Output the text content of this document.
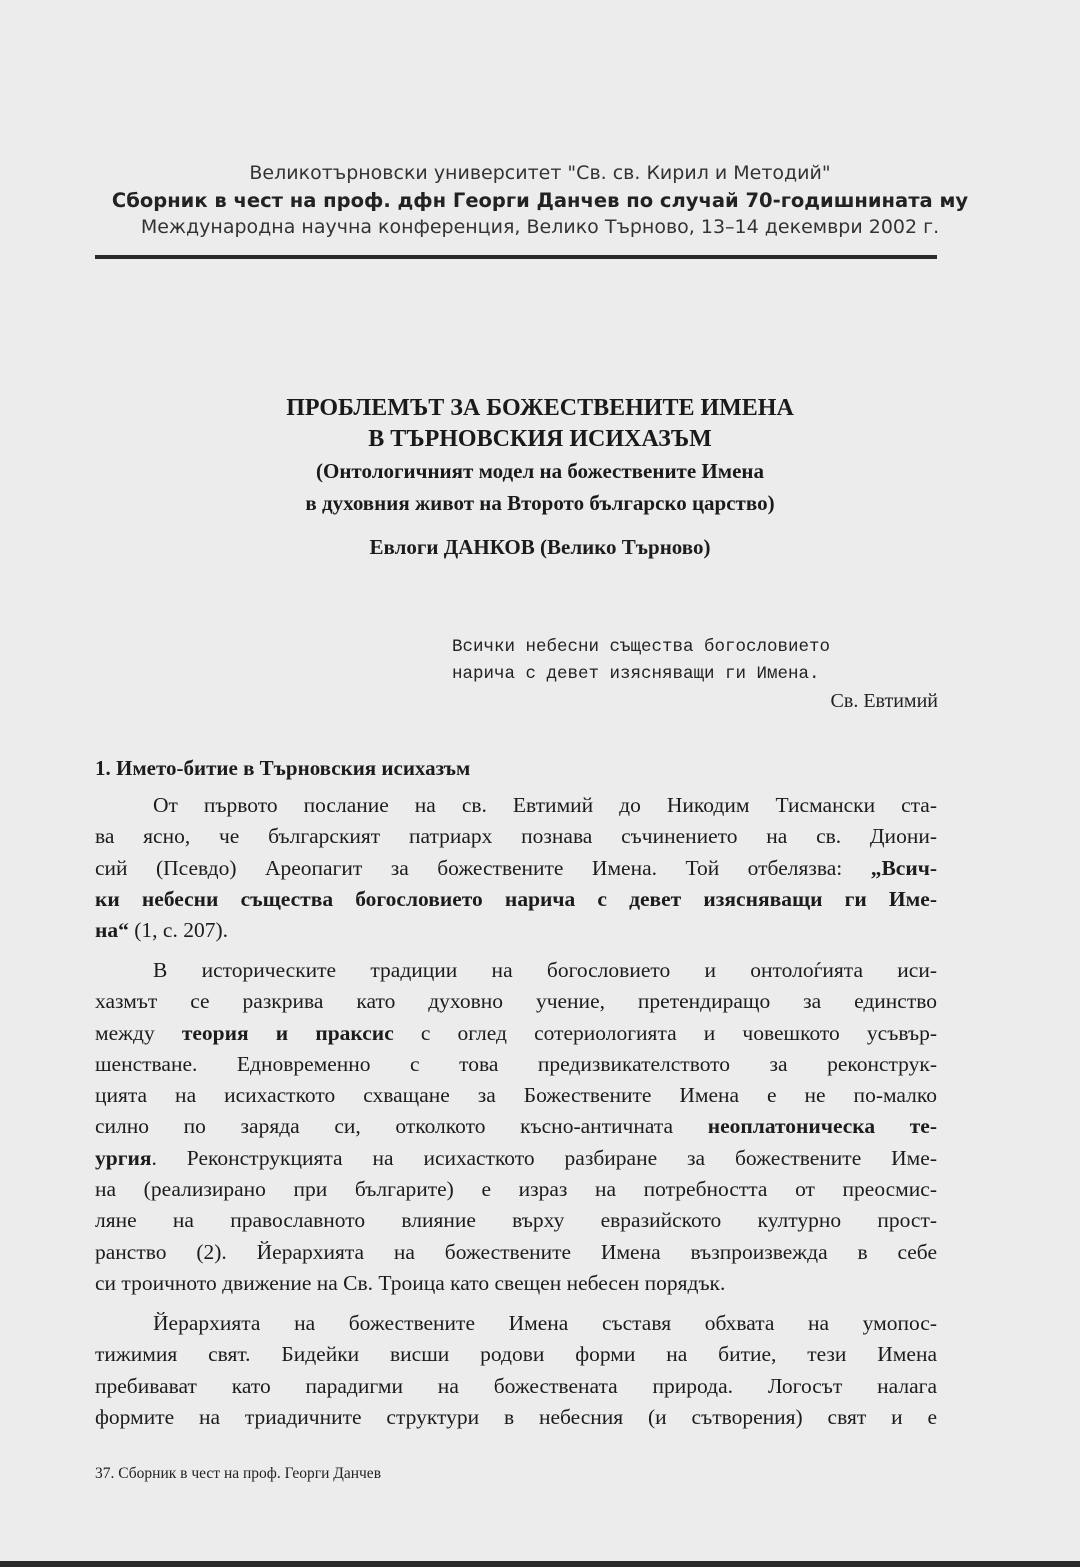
Великотърновски университет "Св. св. Кирил и Методий"
Сборник в чест на проф. дфн Георги Данчев по случай 70-годишнината му
Международна научна конференция, Велико Търново, 13–14 декември 2002 г.
ПРОБЛЕМЪТ ЗА БОЖЕСТВЕНИТЕ ИМЕНА
В ТЪРНОВСКИЯ ИСИХАЗЪМ
(Онтологичният модел на божествените Имена
в духовния живот на Второто българско царство)
Евлоги ДАНКОВ (Велико Търново)
Всички небесни същества богословието
нарича с девет изясняващи ги Имена.
Св. Евтимий
1. Името-битие в Търновския исихазъм
От първото послание на св. Евтимий до Никодим Тисмански ста-
ва ясно, че българският патриарх познава съчинението на св. Диони-
сий (Псевдо) Ареопагит за божествените Имена. Той отбелязва: „Всич-
ки небесни същества богословието нарича с девет изясняващи ги Име-
на“ (1, с. 207).
В историческите традиции на богословието и онтолоѓията иси-
хазмът се разкрива като духовно учение, претендиращо за единство
между теория и праксис с оглед сотериологията и човешкото усъвър-
шенстване. Едновременно с това предизвикателството за реконструк-
цията на исихасткото схващане за Божествените Имена е не по-малко
силно по заряда си, отколкото късно-античната неоплатоническа те-
ургия. Реконструкцията на исихасткото разбиране за божествените Име-
на (реализирано при българите) е израз на потребността от преосмис-
ляне на православното влияние върху евразийското културно прост-
ранство (2). Йерархията на божествените Имена възпроизвежда в себе
си троичното движение на Св. Троица като свещен небесен порядък.
Йерархията на божествените Имена съставя обхвата на умопос-
тижимия свят. Бидейки висши родови форми на битие, тези Имена
пребивават като парадигми на божествената природа. Логосът налага
формите на триадичните структури в небесния (и сътворения) свят и е
37. Сборник в чест на проф. Георги Данчев
